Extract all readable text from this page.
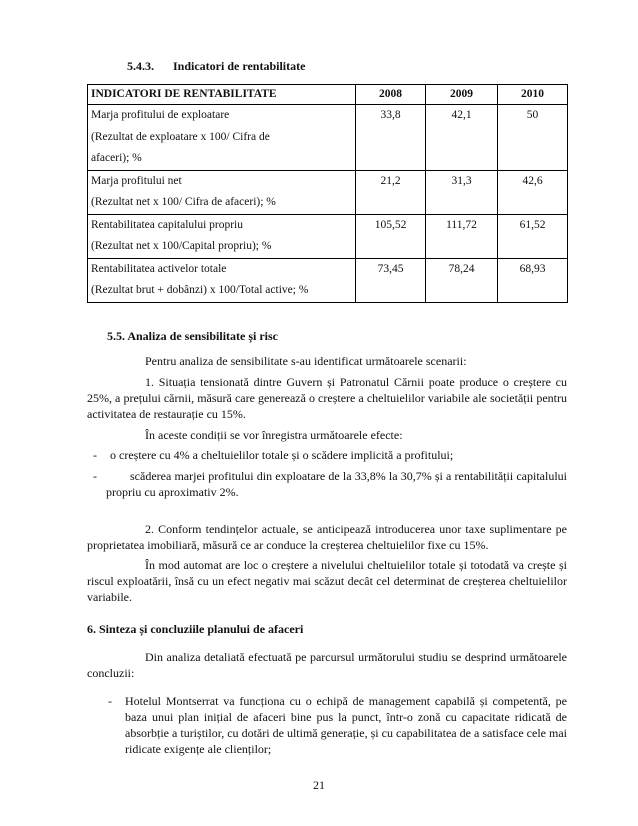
5.4.3. Indicatori de rentabilitate
INDICATORI DE RENTABILITATE	2008	2009	2010

Marja profitului de exploatare
(Rezultat de exploatare x 100/ Cifra de
afaceri); %	33,8	42,1	50

Marja profitului net
(Rezultat net x 100/ Cifra de afaceri); %	21,2	31,3	42,6

Rentabilitatea capitalului propriu
(Rezultat net x 100/Capital propriu); %	105,52	111,72	61,52

Rentabilitatea activelor totale
(Rezultat brut + dobânzi) x 100/Total active; %	73,45	78,24	68,93
5.5. Analiza de sensibilitate și risc

Pentru analiza de sensibilitate s-au identificat următoarele scenarii:

1. Situația tensionată dintre Guvern și Patronatul Cărnii poate produce o creștere cu 25%, a prețului cărnii, măsură care generează o creștere a cheltuielilor variabile ale societății pentru activitatea de restaurație cu 15%.

În aceste condiții se vor înregistra următoarele efecte:

- o creștere cu 4% a cheltuielilor totale și o scădere implicită a profitului;

-	scăderea marjei profitului din exploatare de la 33,8% la 30,7% și a rentabilității capitalului propriu cu aproximativ 2%.

2. Conform tendințelor actuale, se anticipează introducerea unor taxe suplimentare pe proprietatea imobiliară, măsură ce ar conduce la creșterea cheltuielilor fixe cu 15%.

În mod automat are loc o creștere a nivelului cheltuielilor totale și totodată va crește și riscul exploatării, însă cu un efect negativ mai scăzut decât cel determinat de creșterea cheltuielilor variabile.

6. Sinteza și concluziile planului de afaceri

Din analiza detaliată efectuată pe parcursul următorului studiu se desprind următoarele concluzii:

- Hotelul Montserrat va funcționa cu o echipă de management capabilă și competentă, pe baza unui plan inițial de afaceri bine pus la punct, într-o zonă cu capacitate ridicată de absorbție a turiștilor, cu dotări de ultimă generație, și cu capabilitatea de a satisface cele mai ridicate exigențe ale clienților;

21
